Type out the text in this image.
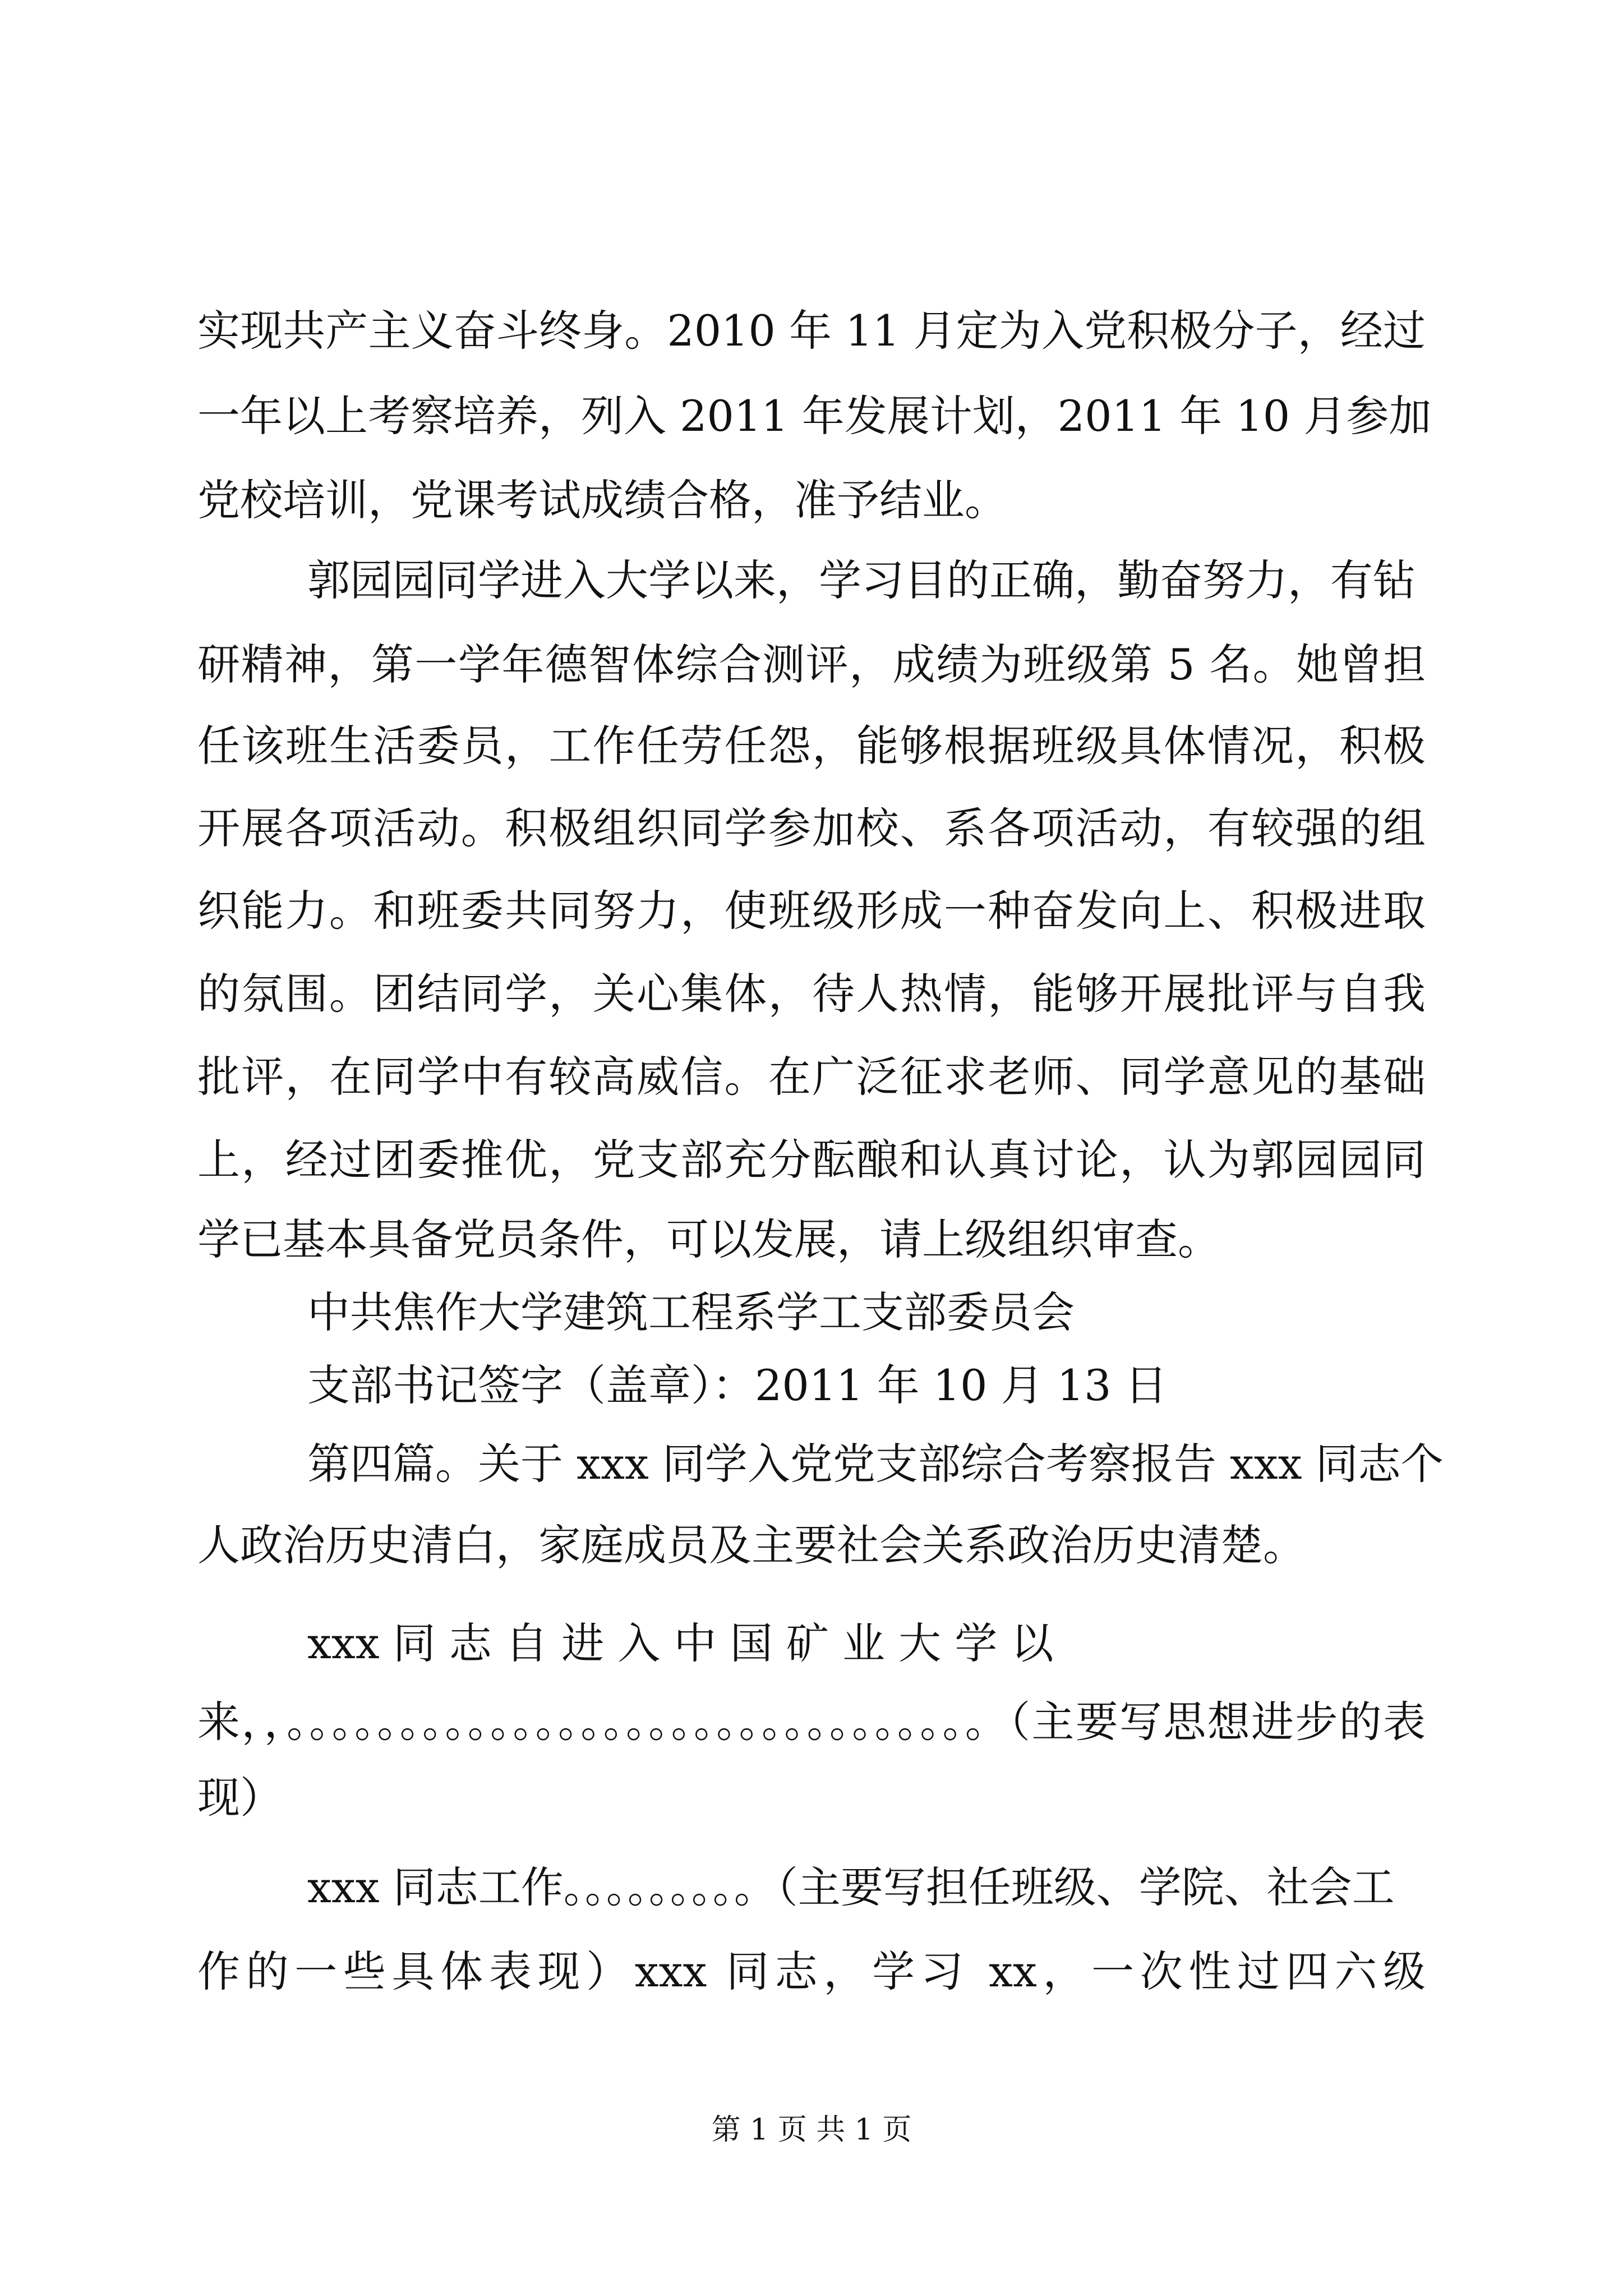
实现共产主义奋斗终身。2010 年 11 月定为入党积极分子，经过
一年以上考察培养，列入 2011 年发展计划，2011 年 10 月参加
党校培训，党课考试成绩合格，准予结业。
郭园园同学进入大学以来，学习目的正确，勤奋努力，有钻
研精神，第一学年德智体综合测评，成绩为班级第 5 名。她曾担
任该班生活委员，工作任劳任怨，能够根据班级具体情况，积极
开展各项活动。积极组织同学参加校、系各项活动，有较强的组
织能力。和班委共同努力，使班级形成一种奋发向上、积极进取
的氛围。团结同学，关心集体，待人热情，能够开展批评与自我
批评，在同学中有较高威信。在广泛征求老师、同学意见的基础
上，经过团委推优，党支部充分酝酿和认真讨论，认为郭园园同
学已基本具备党员条件，可以发展，请上级组织审查。
中共焦作大学建筑工程系学工支部委员会
支部书记签字（盖章）：2011 年 10 月 13 日
第四篇。关于 xxx 同学入党党支部综合考察报告 xxx 同志个
人政治历史清白，家庭成员及主要社会关系政治历史清楚。
xxx 同 志 自 进 入 中 国 矿 业 大 学 以
来，，。。。。。。。。。。。。。。。。。。。。。。。。。。。。。。。（主要写思想进步的表
现）
xxx 同志工作。。。。。。。。。（主要写担任班级、学院、社会工
作的一些具体表现）xxx 同志，学习 xx，一次性过四六级
第 1 页 共 1 页
